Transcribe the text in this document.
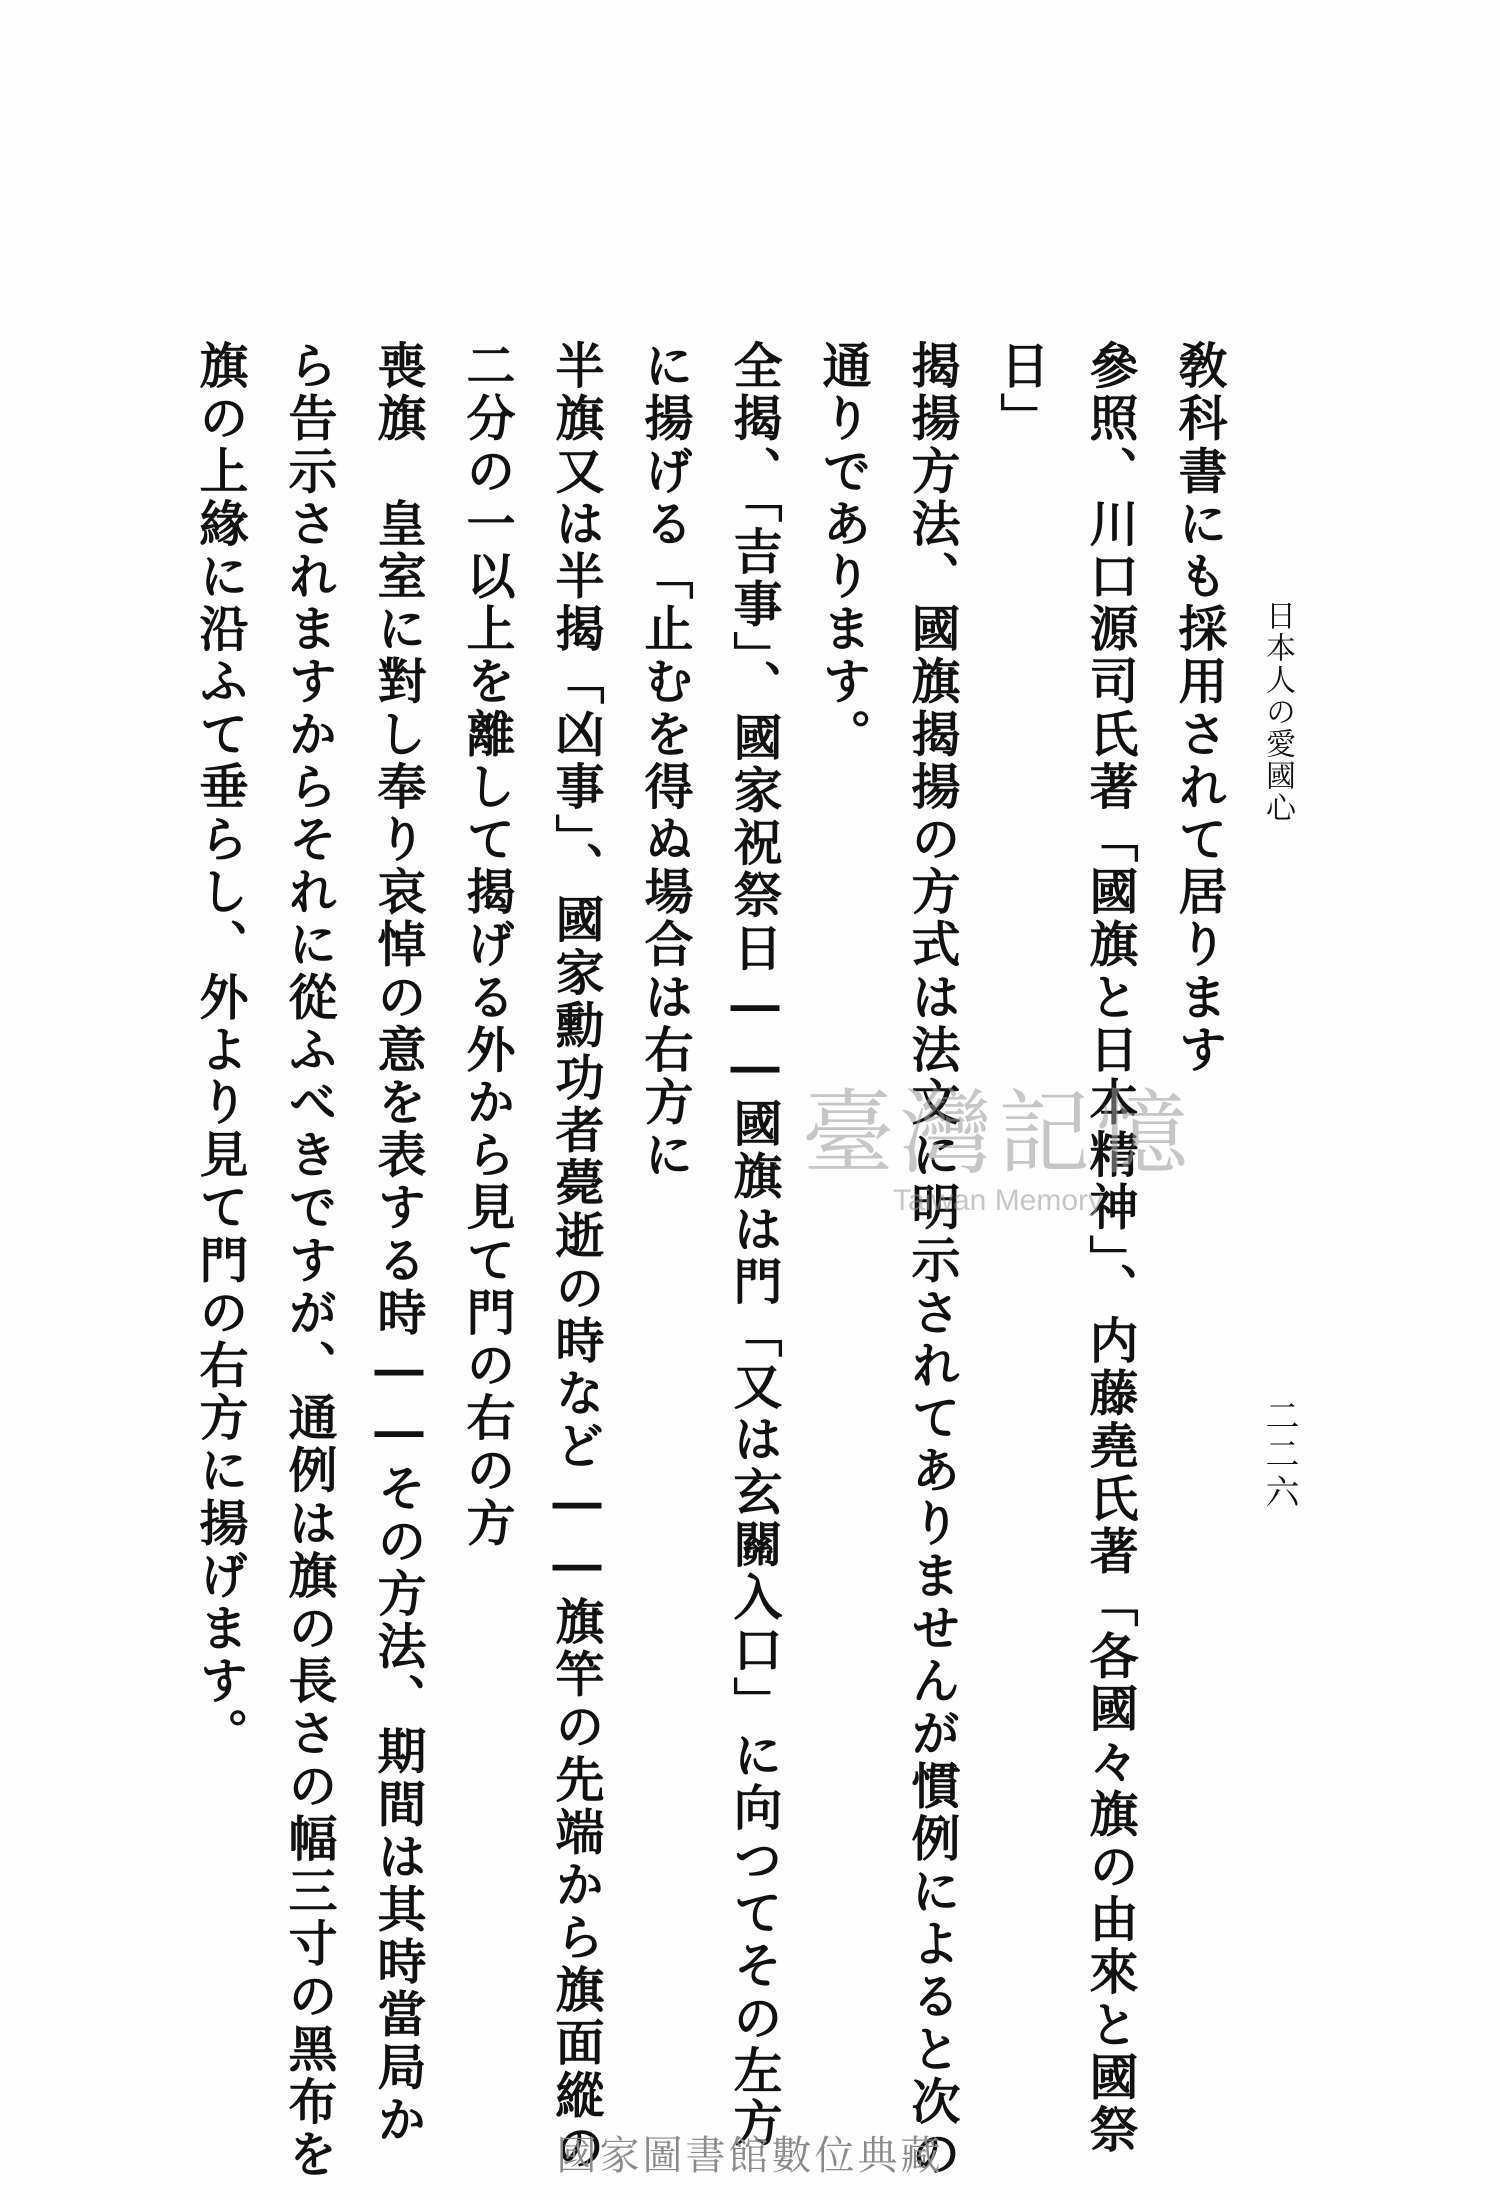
日本人の愛國心
二二六
參照、川口源司氏著「國旗と日本精神」、内藤堯氏著「各國々旗の由來と國祭
日」
揭揚方法、國旗揭揚の方式は法文に明示されてありませんが慣例によると次の
通りであります。
全揭、「吉事」、國家祝祭日――國旗は門「又は玄關入口」に向つてその左方
に揚げる「止むを得ぬ場合は右方に
半旗又は半揭「凶事」、國家勳功者薨逝の時など――旗竿の先端から旗面縱の
二分の一以上を離して揭げる外から見て門の右の方
喪旗　皇室に對し奉り哀悼の意を表する時――その方法、期間は其時當局か
ら告示されますからそれに從ふべきですが、通例は旗の長さの幅三寸の黑布を
旗の上緣に沿ふて垂らし、外より見て門の右方に揚げます。	敎科書にも採用されて居ります
臺灣記憶
Taiwan Memory
國家圖書館數位典藏
